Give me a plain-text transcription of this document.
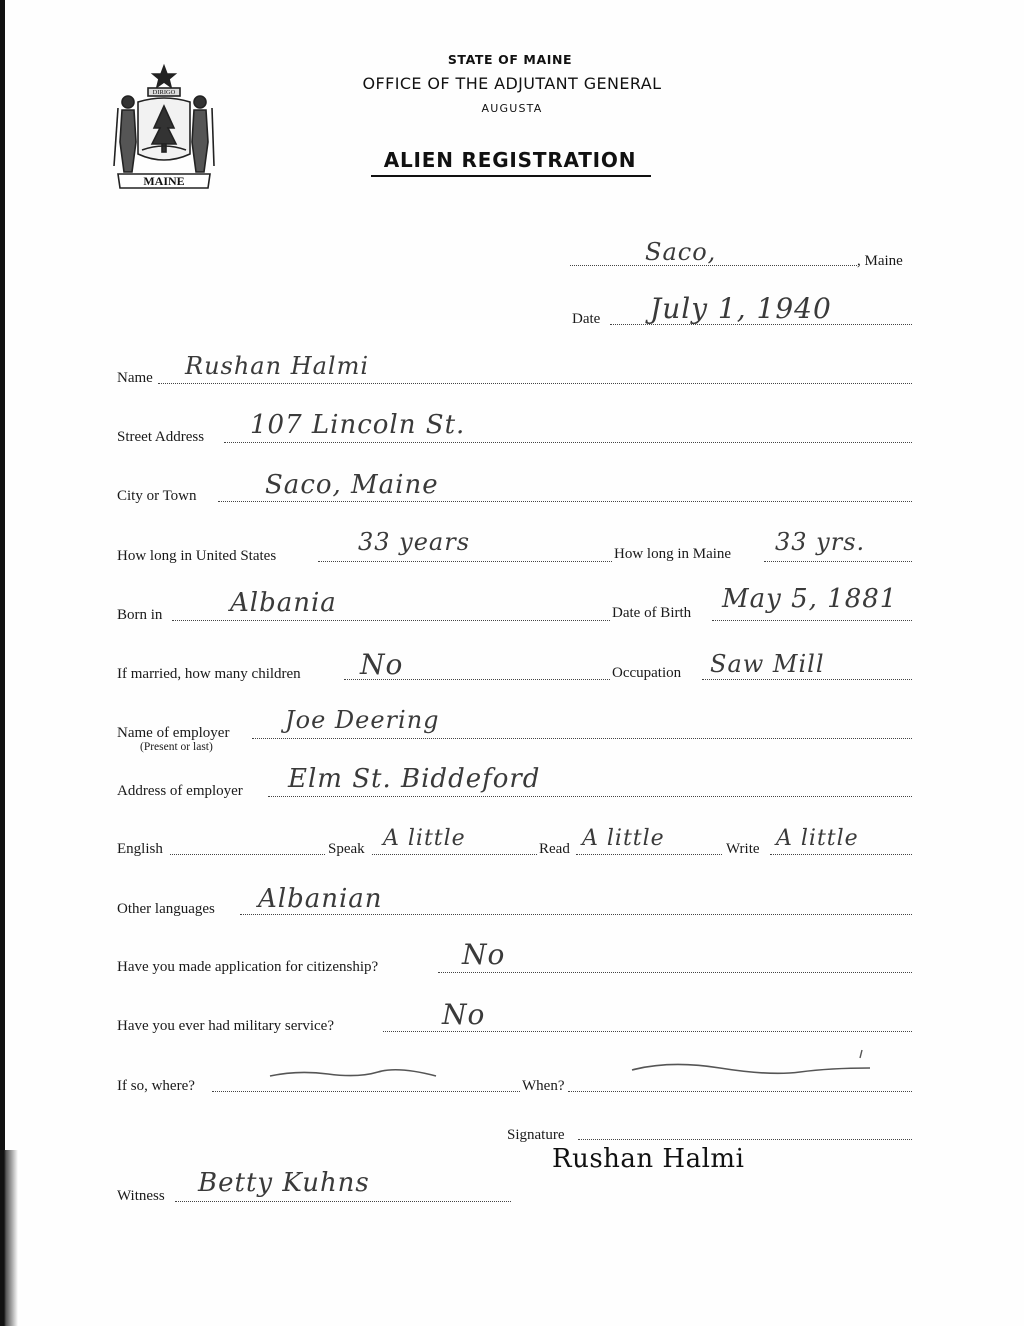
MAINE
DIRIGO
STATE OF MAINE
OFFICE OF THE ADJUTANT GENERAL
AUGUSTA
ALIEN REGISTRATION
Saco,	, Maine
Date July 1, 1940
Name Rushan Halmi
Street Address 107 Lincoln St.
City or Town	Saco, Maine
How long in United States	33 years	How long in Maine 33 yrs.
Born in	Albania	Date of Birth May 5, 1881
If married, how many children No	Occupation Saw Mill
Name of employer
(Present or last)
Joe Deering
Address of employer Elm St. Biddeford
English	Speak A little	Read A little	Write A little
Other languages Albanian
Have you made application for citizenship?	No
Have you ever had military service?	No
If so, where?	When?
Signature
Rushan Halmi
Witness Betty Kuhns
